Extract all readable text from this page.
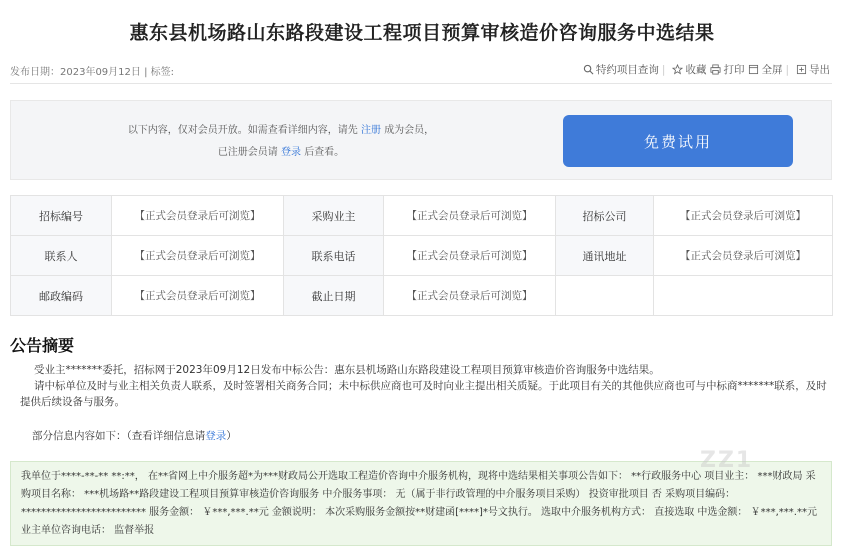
惠东县机场路山东路段建设工程项目预算审核造价咨询服务中选结果
发布日期：2023年09月12日 | 标签:	特约项目查询 | 收藏 打印 全屏 | 导出
以下内容，仅对会员开放。如需查看详细内容，请先 注册 成为会员，
已注册会员请 登录 后查看。
免费试用
招标编号	【正式会员登录后可浏览】	采购业主	【正式会员登录后可浏览】	招标公司	【正式会员登录后可浏览】
联系人	【正式会员登录后可浏览】	联系电话	【正式会员登录后可浏览】	通讯地址	【正式会员登录后可浏览】
邮政编码	【正式会员登录后可浏览】	截止日期	【正式会员登录后可浏览】		
公告摘要
受业主*******委托，招标网于2023年09月12日发布中标公告：惠东县机场路山东路段建设工程项目预算审核造价咨询服务中选结果。
请中标单位及时与业主相关负责人联系，及时签署相关商务合同；未中标供应商也可及时向业主提出相关质疑。于此项目有关的其他供应商也可与中标商*******联系，及时提供后续设备与服务。
部分信息内容如下：（查看详细信息请登录）
我单位于****-**-** **:**， 在**省网上中介服务超*为***财政局公开选取工程造价咨询中介服务机构，现将中选结果相关事项公告如下： **行政服务中心 项目业主： ***财政局 采购项目名称： ***机场路**路段建设工程项目预算审核造价咨询服务 中介服务事项： 无（属于非行政管理的中介服务项目采购） 投资审批项目 否 采购项目编码： ************************* 服务金额： ￥***,***.**元 金额说明： 本次采购服务金额按**财建函[****]*号文执行。 选取中介服务机构方式： 直接选取 中选金额： ￥***,***.**元 业主单位咨询电话： 监督举报
ZZ1
